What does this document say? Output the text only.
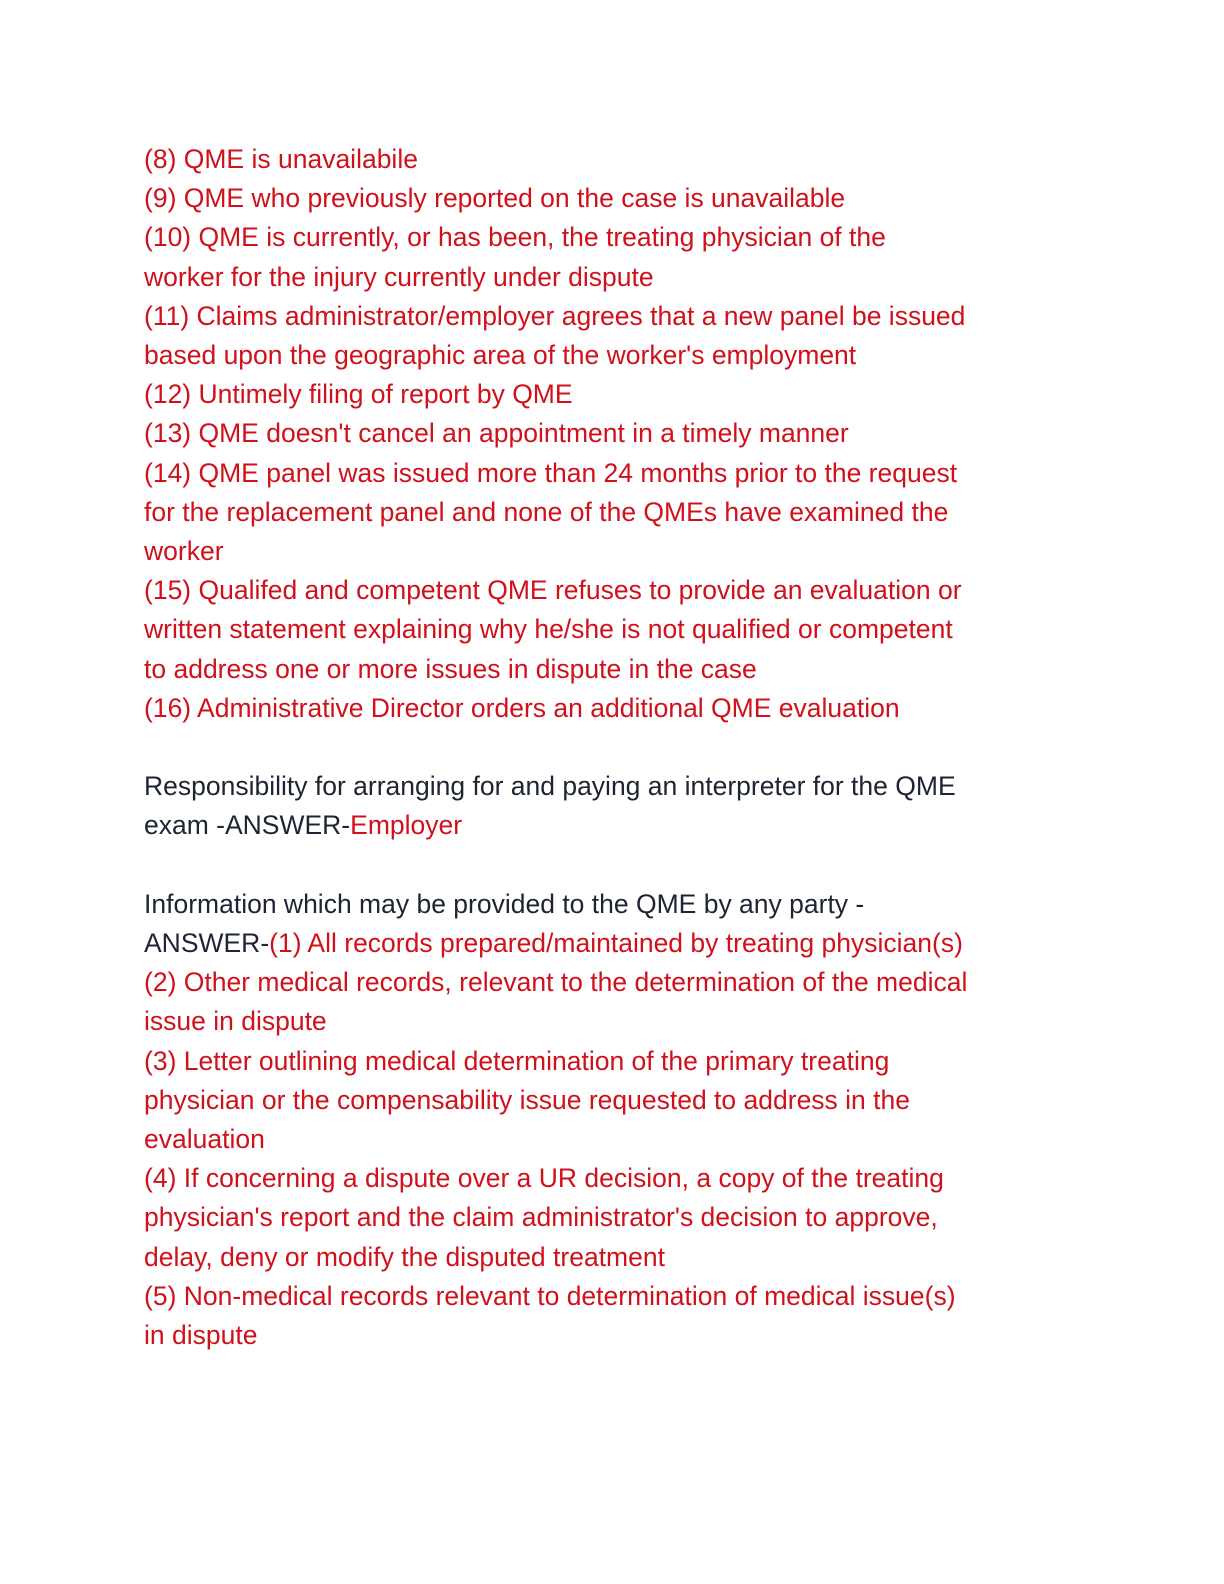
(8) QME is unavailabile
(9) QME who previously reported on the case is unavailable
(10) QME is currently, or has been, the treating physician of the
worker for the injury currently under dispute
(11) Claims administrator/employer agrees that a new panel be issued
based upon the geographic area of the worker's employment
(12) Untimely filing of report by QME
(13) QME doesn't cancel an appointment in a timely manner
(14) QME panel was issued more than 24 months prior to the request
for the replacement panel and none of the QMEs have examined the
worker
(15) Qualifed and competent QME refuses to provide an evaluation or
written statement explaining why he/she is not qualified or competent
to address one or more issues in dispute in the case
(16) Administrative Director orders an additional QME evaluation
Responsibility for arranging for and paying an interpreter for the QME
exam -ANSWER-Employer
Information which may be provided to the QME by any party -
ANSWER-(1) All records prepared/maintained by treating physician(s)
(2) Other medical records, relevant to the determination of the medical
issue in dispute
(3) Letter outlining medical determination of the primary treating
physician or the compensability issue requested to address in the
evaluation
(4) If concerning a dispute over a UR decision, a copy of the treating
physician's report and the claim administrator's decision to approve,
delay, deny or modify the disputed treatment
(5) Non-medical records relevant to determination of medical issue(s)
in dispute
